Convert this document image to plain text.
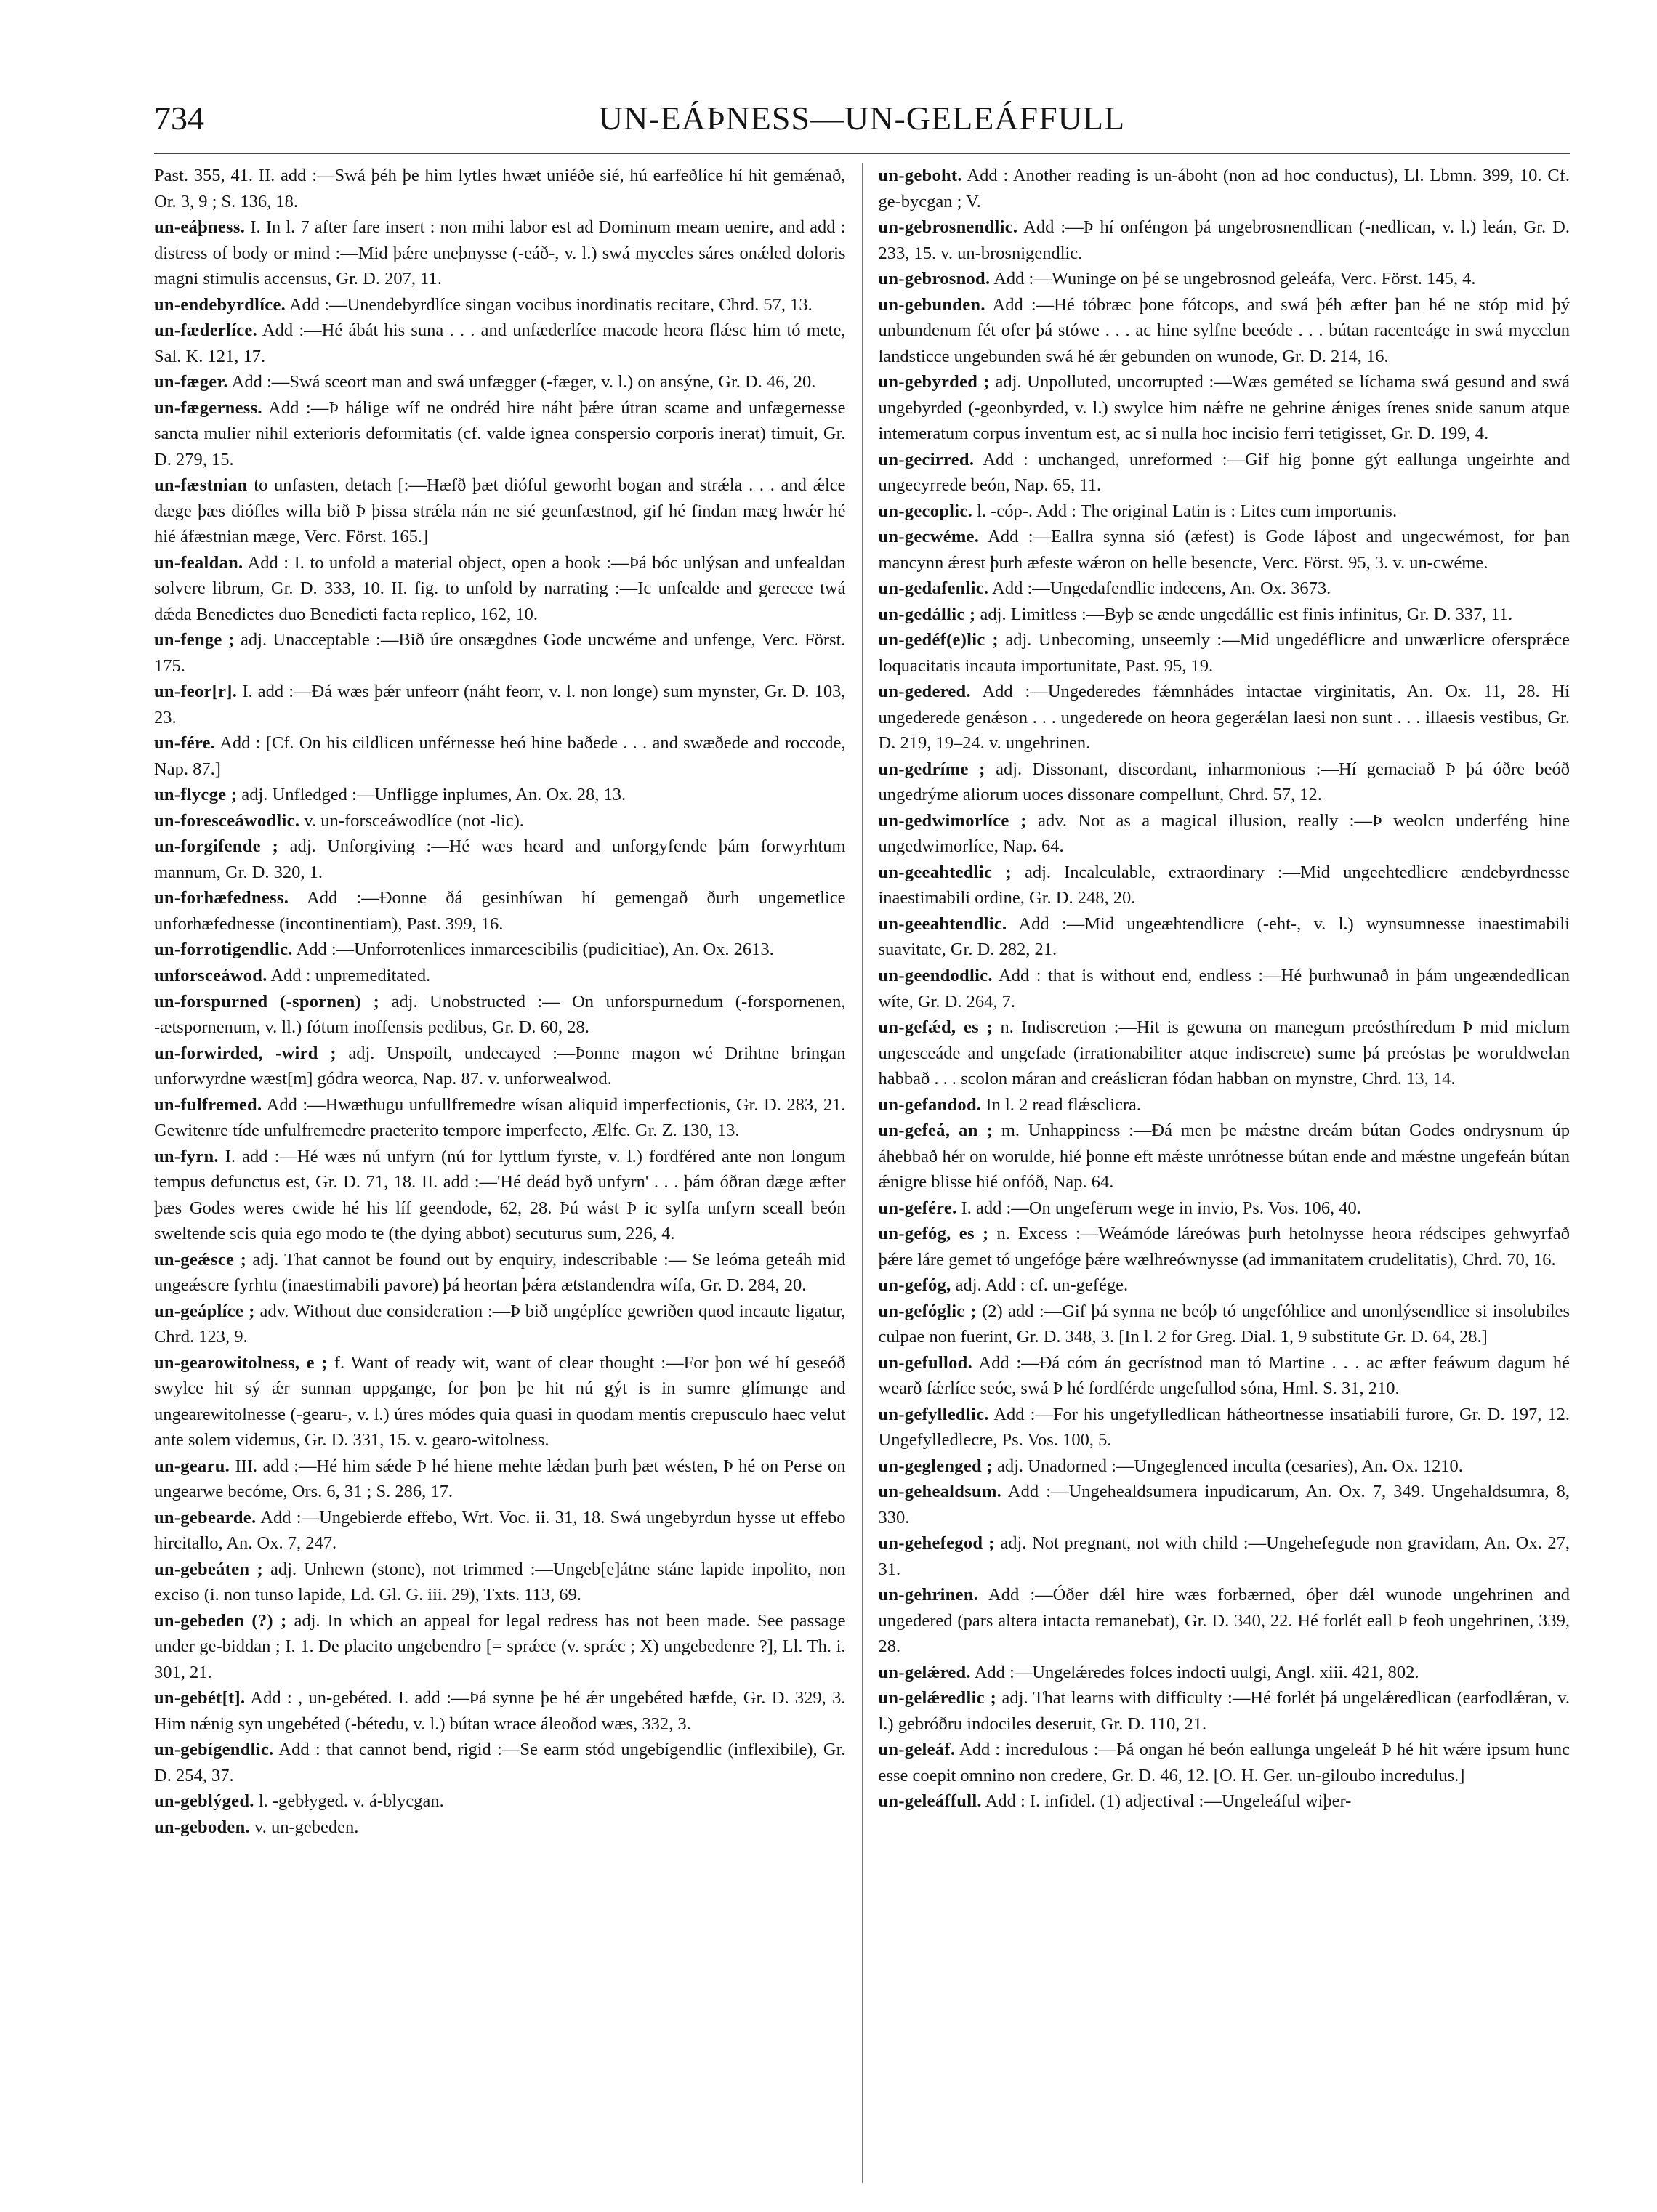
734	UN-EÁÞNESS—UN-GELEÁFFULL

Past. 355, 41. II. add :—Swá þéh þe him lytles hwæt uniéðe sié, hú earfeðlíce hí hit gemǽnað, Or. 3, 9 ; S. 136, 18.

un-eáþness. I. In l. 7 after fare insert : non mihi labor est ad Dominum meam uenire, and add : distress of body or mind :—Mid þǽre uneþnysse (-eáð-, v. l.) swá myccles sáres onǽled doloris magni stimulis accensus, Gr. D. 207, 11.

un-endebyrdlíce. Add :—Unendebyrdlíce singan vocibus inordinatis recitare, Chrd. 57, 13.

un-fæderlíce. Add :—Hé ábát his suna . . . and unfæderlíce macode heora flǽsc him tó mete, Sal. K. 121, 17.

un-fæger. Add :—Swá sceort man and swá unfægger (-fæger, v. l.) on ansýne, Gr. D. 46, 20.

un-fægerness. Add :—Þ hálige wíf ne ondréd hire náht þǽre útran scame and unfægernesse sancta mulier nihil exterioris deformitatis (cf. valde ignea conspersio corporis inerat) timuit, Gr. D. 279, 15.

un-fæstnian to unfasten, detach [:—Hæfð þæt dióful geworht bogan and strǽla . . . and ǽlce dæge þæs diófles willa bið Þ þissa strǽla nán ne sié geunfæstnod, gif hé findan mæg hwǽr hé hié áfæstnian mæge, Verc. Först. 165.]

un-fealdan. Add : I. to unfold a material object, open a book :—Þá bóc unlýsan and unfealdan solvere librum, Gr. D. 333, 10. II. fig. to unfold by narrating :—Ic unfealde and gerecce twá dǽda Benedictes duo Benedicti facta replico, 162, 10.

un-fenge ; adj. Unacceptable :—Bið úre onsægdnes Gode uncwéme and unfenge, Verc. Först. 175.

un-feor[r]. I. add :—Ðá wæs þǽr unfeorr (náht feorr, v. l. non longe) sum mynster, Gr. D. 103, 23.

un-fére. Add : [Cf. On his cildlicen unférnesse heó hine baðede . . . and swæðede and roccode, Nap. 87.]

un-flycge ; adj. Unfledged :—Unfligge inplumes, An. Ox. 28, 13.

un-foresceáwodlic. v. un-forsceáwodlíce (not -lic).

un-forgifende ; adj. Unforgiving :—Hé wæs heard and unforgyfende þám forwyrhtum mannum, Gr. D. 320, 1.

un-forhæfedness. Add :—Ðonne ðá gesinhíwan hí gemengað ðurh ungemetlice unforhæfednesse (incontinentiam), Past. 399, 16.

un-forrotigendlic. Add :—Unforrotenlices inmarcescibilis (pudicitiae), An. Ox. 2613.

unforsceáwod. Add : unpremeditated.

un-forspurned (-spornen) ; adj. Unobstructed :— On unforspurnedum (-forspornenen, -ætspornenum, v. ll.) fótum inoffensis pedibus, Gr. D. 60, 28.

un-forwirded, -wird ; adj. Unspoilt, undecayed :—Þonne magon wé Drihtne bringan unforwyrdne wæst[m] gódra weorca, Nap. 87. v. unforwealwod.

un-fulfremed. Add :—Hwæthugu unfullfremedre wísan aliquid imperfectionis, Gr. D. 283, 21. Gewitenre tíde unfulfremedre praeterito tempore imperfecto, Ælfc. Gr. Z. 130, 13.

un-fyrn. I. add :—Hé wæs nú unfyrn (nú for lyttlum fyrste, v. l.) fordféred ante non longum tempus defunctus est, Gr. D. 71, 18. II. add :—'Hé deád byð unfyrn' . . . þám óðran dæge æfter þæs Godes weres cwide hé his líf geendode, 62, 28. Þú wást Þ ic sylfa unfyrn sceall beón sweltende scis quia ego modo te (the dying abbot) secuturus sum, 226, 4.

un-geǽsce ; adj. That cannot be found out by enquiry, indescribable :— Se leóma geteáh mid ungeǽscre fyrhtu (inaestimabili pavore) þá heortan þǽra ætstandendra wífa, Gr. D. 284, 20.

un-geáplíce ; adv. Without due consideration :—Þ bið ungéplíce gewriðen quod incaute ligatur, Chrd. 123, 9.

un-gearowitolness, e ; f. Want of ready wit, want of clear thought :—For þon wé hí geseóð swylce hit sý ǽr sunnan uppgange, for þon þe hit nú gýt is in sumre glímunge and ungearewitolnesse (-gearu-, v. l.) úres módes quia quasi in quodam mentis crepusculo haec velut ante solem videmus, Gr. D. 331, 15. v. gearo-witolness.

un-gearu. III. add :—Hé him sǽde Þ hé hiene mehte lǽdan þurh þæt wésten, Þ hé on Perse on ungearwe becóme, Ors. 6, 31 ; S. 286, 17.

un-gebearde. Add :—Ungebierde effebo, Wrt. Voc. ii. 31, 18. Swá ungebyrdun hysse ut effebo hircitallo, An. Ox. 7, 247.

un-gebeáten ; adj. Unhewn (stone), not trimmed :—Ungeb[e]átne stáne lapide inpolito, non exciso (i. non tunso lapide, Ld. Gl. G. iii. 29), Txts. 113, 69.

un-gebeden (?) ; adj. In which an appeal for legal redress has not been made. See passage under ge-biddan ; I. 1. De placito ungebendro [= sprǽce (v. sprǽc ; X) ungebedenre ?], Ll. Th. i. 301, 21.

un-gebét[t]. Add : , un-gebéted. I. add :—Þá synne þe hé ǽr ungebéted hæfde, Gr. D. 329, 3. Him nǽnig syn ungebéted (-bétedu, v. l.) bútan wrace áleoðod wæs, 332, 3.

un-gebígendlic. Add : that cannot bend, rigid :—Se earm stód ungebígendlic (inflexibile), Gr. D. 254, 37.

un-geblýged. l. -gebłyged. v. á-blycgan.

un-geboden. v. un-gebeden.

un-geboht. Add : Another reading is un-áboht (non ad hoc conductus), Ll. Lbmn. 399, 10. Cf. ge-bycgan ; V.

un-gebrosnendlic. Add :—Þ hí onféngon þá ungebrosnendlican (-nedlican, v. l.) leán, Gr. D. 233, 15. v. un-brosnigendlic.

un-gebrosnod. Add :—Wuninge on þé se ungebrosnod geleáfa, Verc. Först. 145, 4.

un-gebunden. Add :—Hé tóbræc þone fótcops, and swá þéh æfter þan hé ne stóp mid þý unbundenum fét ofer þá stówe . . . ac hine sylfne beeóde . . . bútan racenteáge in swá mycclun landsticce ungebunden swá hé ǽr gebunden on wunode, Gr. D. 214, 16.

un-gebyrded ; adj. Unpolluted, uncorrupted :—Wæs geméted se líchama swá gesund and swá ungebyrded (-geonbyrded, v. l.) swylce him nǽfre ne gehrine ǽniges írenes snide sanum atque intemeratum corpus inventum est, ac si nulla hoc incisio ferri tetigisset, Gr. D. 199, 4.

un-gecirred. Add : unchanged, unreformed :—Gif hig þonne gýt eallunga ungeirhte and ungecyrrede beón, Nap. 65, 11.

un-gecoplic. l. -cóp-. Add : The original Latin is : Lites cum importunis.

un-gecwéme. Add :—Eallra synna sió (æfest) is Gode láþost and ungecwémost, for þan mancynn ǽrest þurh æfeste wǽron on helle besencte, Verc. Först. 95, 3. v. un-cwéme.

un-gedafenlic. Add :—Ungedafendlic indecens, An. Ox. 3673.

un-gedállic ; adj. Limitless :—Byþ se ænde ungedállic est finis infinitus, Gr. D. 337, 11.

un-gedéf(e)lic ; adj. Unbecoming, unseemly :—Mid ungedéflicre and unwærlicre ofersprǽce loquacitatis incauta importunitate, Past. 95, 19.

un-gedered. Add :—Ungederedes fǽmnhádes intactae virginitatis, An. Ox. 11, 28. Hí ungederede genǽson . . . ungederede on heora gegerǽlan laesi non sunt . . . illaesis vestibus, Gr. D. 219, 19–24. v. ungehrinen.

un-gedríme ; adj. Dissonant, discordant, inharmonious :—Hí gemaciað Þ þá óðre beóð ungedrýme aliorum uoces dissonare compellunt, Chrd. 57, 12.

un-gedwimorlíce ; adv. Not as a magical illusion, really :—Þ weolcn underféng hine ungedwimorlíce, Nap. 64.

un-geeahtedlic ; adj. Incalculable, extraordinary :—Mid ungeehtedlicre ændebyrdnesse inaestimabili ordine, Gr. D. 248, 20.

un-geeahtendlic. Add :—Mid ungeæhtendlicre (-eht-, v. l.) wynsumnesse inaestimabili suavitate, Gr. D. 282, 21.

un-geendodlic. Add : that is without end, endless :—Hé þurhwunað in þám ungeændedlican wíte, Gr. D. 264, 7.

un-gefǽd, es ; n. Indiscretion :—Hit is gewuna on manegum preósthíredum Þ mid miclum ungesceáde and ungefade (irrationabiliter atque indiscrete) sume þá preóstas þe woruldwelan habbað . . . scolon máran and creáslicran fódan habban on mynstre, Chrd. 13, 14.

un-gefandod. In l. 2 read flǽsclicra.

un-gefeá, an ; m. Unhappiness :—Ðá men þe mǽstne dreám bútan Godes ondrysnum úp áhebbað hér on woruldе, hié þonne eft mǽste unrótnesse bútan ende and mǽstne ungefeán bútan ǽnigre blisse hié onfóð, Nap. 64.

un-gefére. I. add :—On ungefērum wege in invio, Ps. Vos. 106, 40.

un-gefóg, es ; n. Excess :—Weámóde láreówas þurh hetolnysse heora rédscipes gehwyrfað þǽre láre gemet tó ungefóge þǽre wælhreównysse (ad immanitatem crudelitatis), Chrd. 70, 16.

un-gefóg, adj. Add : cf. un-gefége.

un-gefóglic ; (2) add :—Gif þá synna ne beóþ tó ungefóhlice and unonlýsendlice si insolubiles culpae non fuerint, Gr. D. 348, 3. [In l. 2 for Greg. Dial. 1, 9 substitute Gr. D. 64, 28.]

un-gefullod. Add :—Ðá cóm án gecrístnod man tó Martine . . . ac æfter feáwum dagum hé wearð fǽrlíce seóc, swá Þ hé fordférde ungefullod sóna, Hml. S. 31, 210.

un-gefylledlic. Add :—For his ungefylledlican hátheortnesse insatiabili furore, Gr. D. 197, 12. Ungefylledlecre, Ps. Vos. 100, 5.

un-geglenged ; adj. Unadorned :—Ungeglenced inculta (cesaries), An. Ox. 1210.

un-gehealdsum. Add :—Ungehealdsumera inpudicarum, An. Ox. 7, 349. Ungehaldsumra, 8, 330.

un-gehefegod ; adj. Not pregnant, not with child :—Ungehefegude non gravidam, An. Ox. 27, 31.

un-gehrinen. Add :—Óðer dǽl hire wæs forbærned, óþer dǽl wunode ungehrinen and ungedered (pars altera intacta remanebat), Gr. D. 340, 22. Hé forlét eall Þ feoh ungehrinen, 339, 28.

un-gelǽred. Add :—Ungelǽredes folces indocti uulgi, Angl. xiii. 421, 802.

un-gelǽredlic ; adj. That learns with difficulty :—Hé forlét þá ungelǽredlican (earfodlǽran, v. l.) gebróðru indociles deseruit, Gr. D. 110, 21.

un-geleáf. Add : incredulous :—Þá ongan hé beón eallunga ungeleáf Þ hé hit wǽre ipsum hunc esse coepit omnino non credere, Gr. D. 46, 12. [O. H. Ger. un-giloubo incredulus.]

un-geleáffull. Add : I. infidel. (1) adjectival :—Ungeleáful wiþer-
